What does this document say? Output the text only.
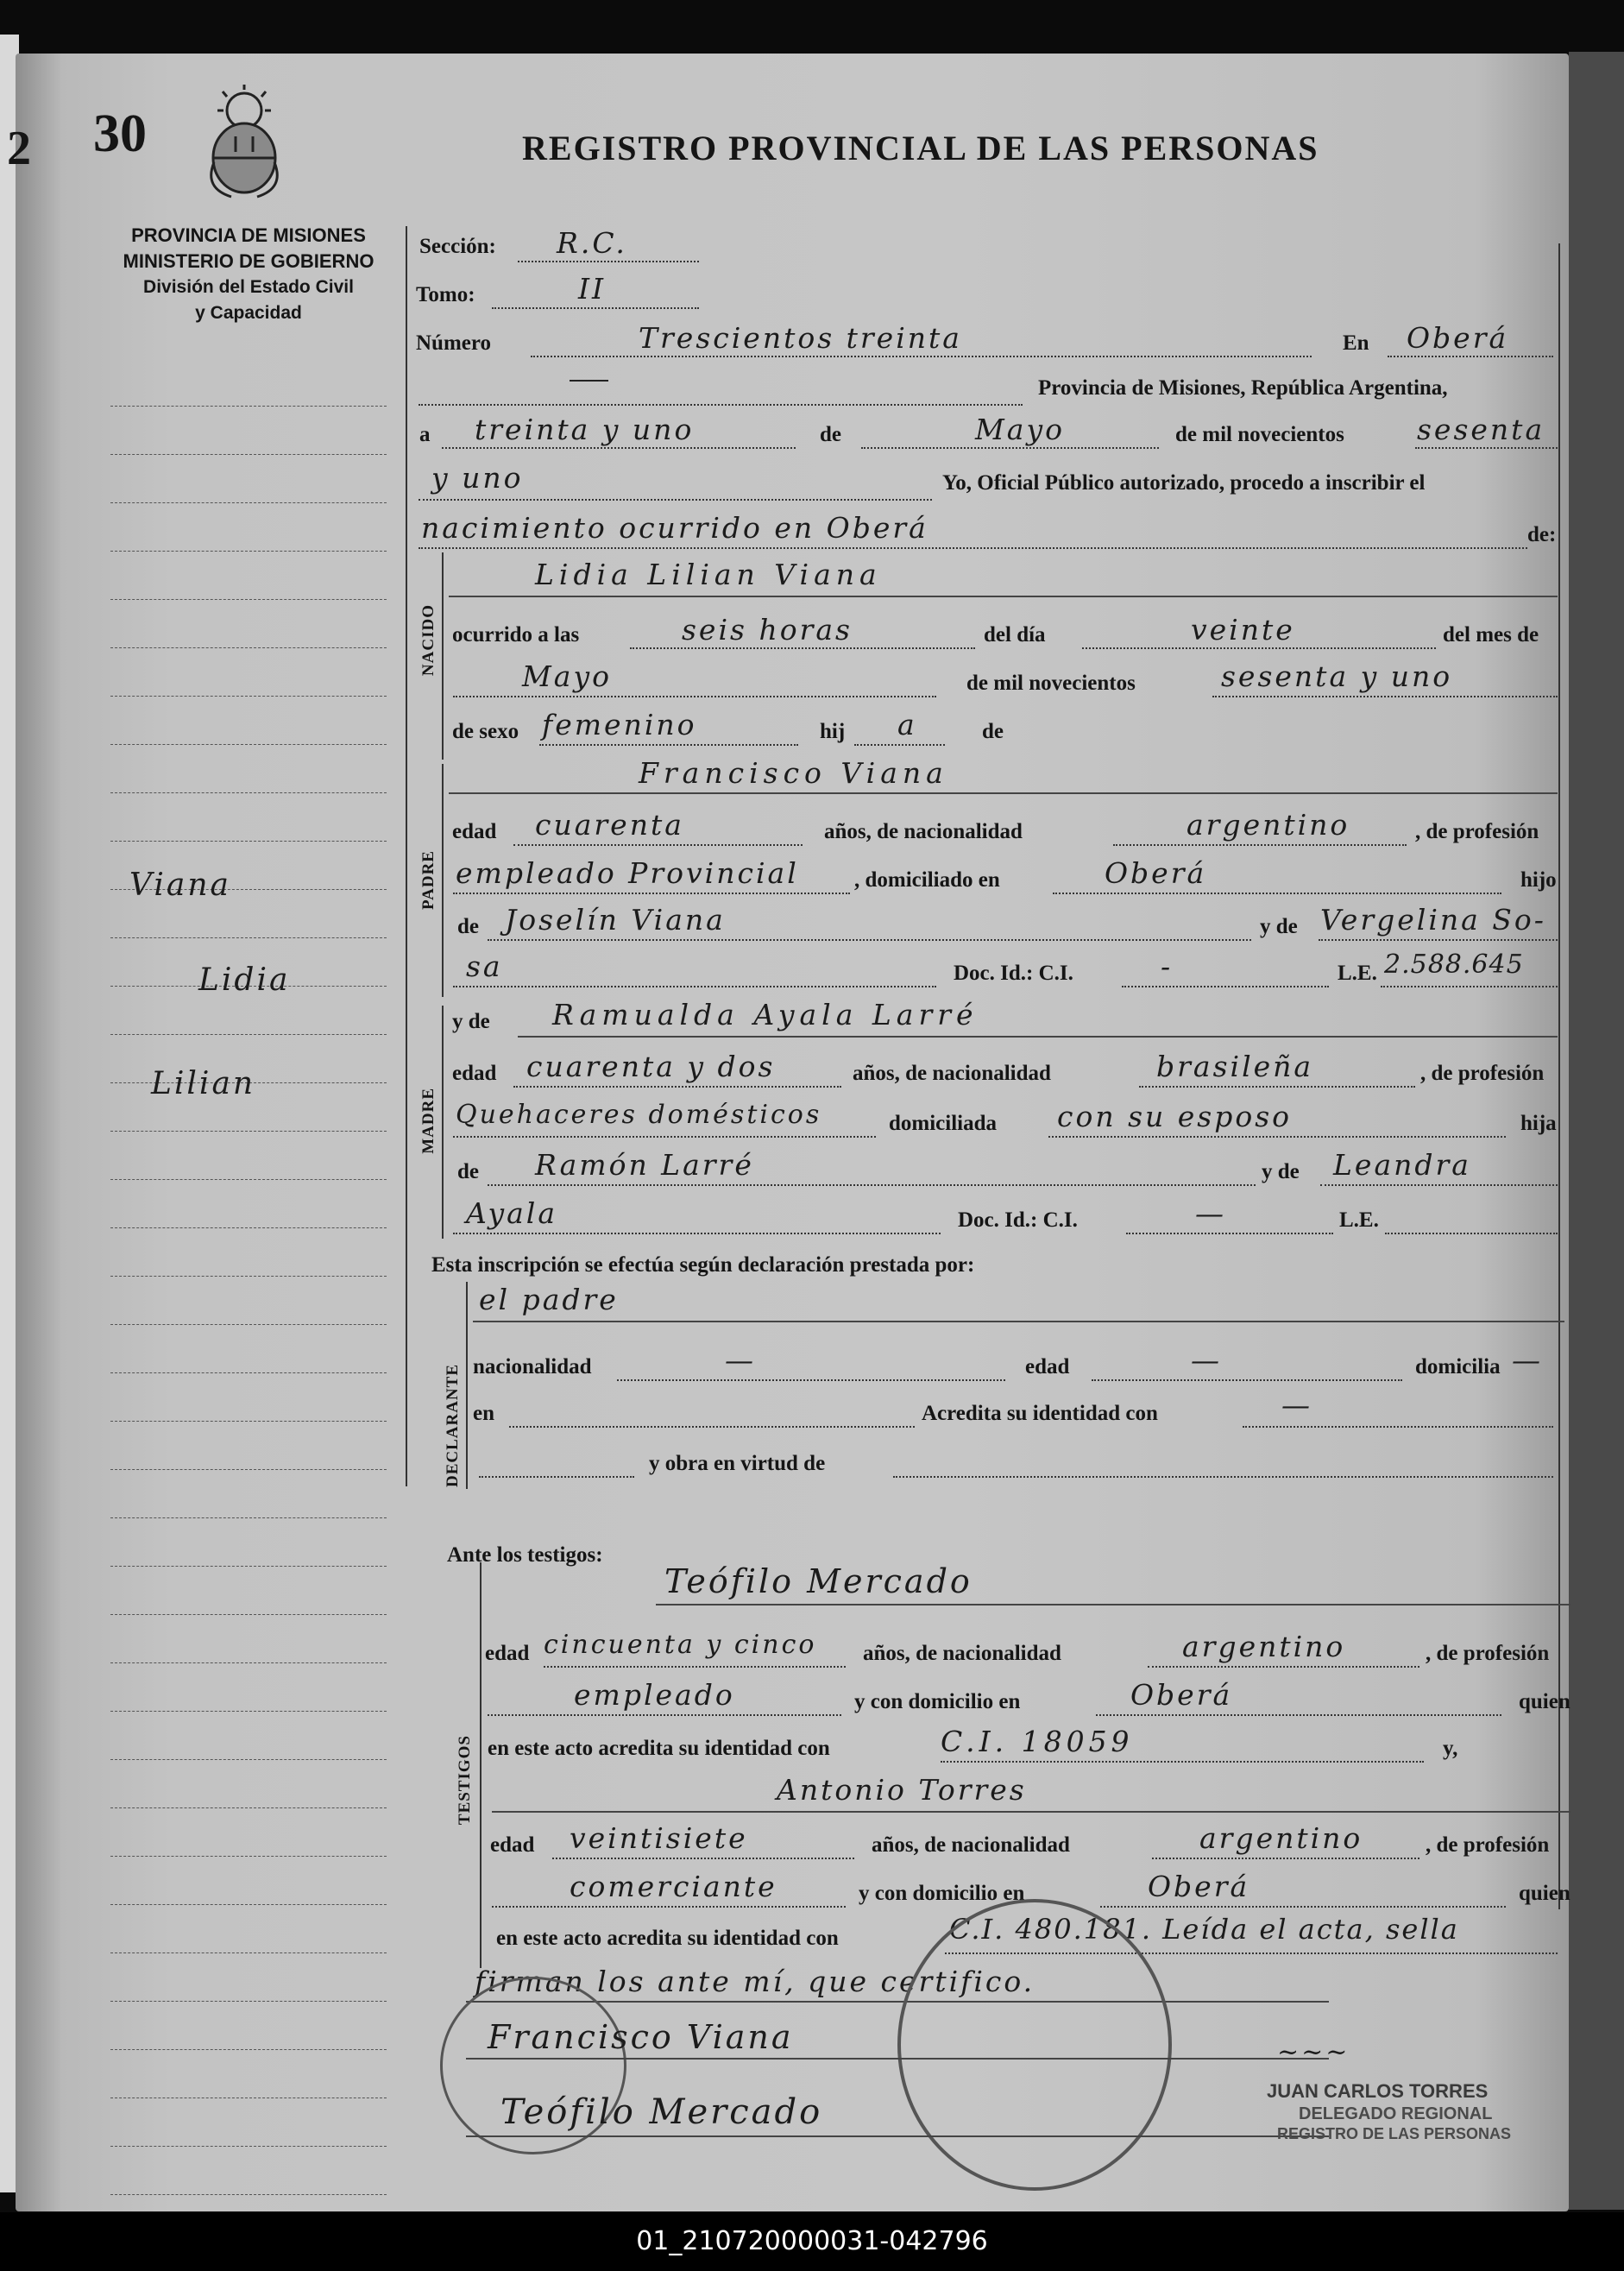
2 30	REGISTRO PROVINCIAL DE LAS PERSONAS
PROVINCIA DE MISIONES
MINISTERIO DE GOBIERNO
División del Estado Civil
y Capacidad
Viana
Lidia
Lilian
Sección: R.C.
Tomo:	II
Número	Trescientos treinta	En Oberá
Provincia de Misiones, República Argentina,
a treinta y uno	de	Mayo	de mil novecientos	sesenta
y uno	Yo, Oficial Público autorizado, procedo a inscribir el
nacimiento ocurrido en Oberá	de:
NACIDO
Lidia Lilian Viana
ocurrido a las	seis horas	del día	veinte	del mes de
Mayo	de mil novecientos	sesenta y uno
de sexo femenino	hij a	de
PADRE
Francisco Viana
edad cuarenta	años, de nacionalidad	argentino	, de profesión
empleado Provincial	, domiciliado en	Oberá	hijo
de Joselín Viana	y de Vergelina So-
sa	Doc. Id.: C.I.	-	L.E. 2.588.645
y de
MADRE
Ramualda Ayala Larré
edad cuarenta y dos	años, de nacionalidad	brasileña	, de profesión
Quehaceres domésticos	domiciliada con su esposo	hija
de Ramón Larré	y de Leandra
Ayala	Doc. Id.: C.I.	—	L.E.
Esta inscripción se efectúa según declaración prestada por:
DECLARANTE
el padre
nacionalidad	—	edad	—	domicilia —
en	Acredita su identidad con	—
y obra en virtud de
Ante los testigos:
TESTIGOS
Teófilo Mercado
edad cincuenta y cinco años, de nacionalidad	argentino	, de profesión
empleado	y con domicilio en	Oberá	quien
en este acto acredita su identidad con	C.I. 18059	y,
Antonio Torres
edad veintisiete	años, de nacionalidad	argentino	, de profesión
comerciante	y con domicilio en	Oberá	quien
en este acto acredita su identidad con	C.I. 480.181. Leída el acta, sella
firman los ante mí, que certifico.
Francisco Viana
Teófilo Mercado
~~~
JUAN CARLOS TORRES
DELEGADO REGIONAL
REGISTRO DE LAS PERSONAS
01_210720000031-042796
